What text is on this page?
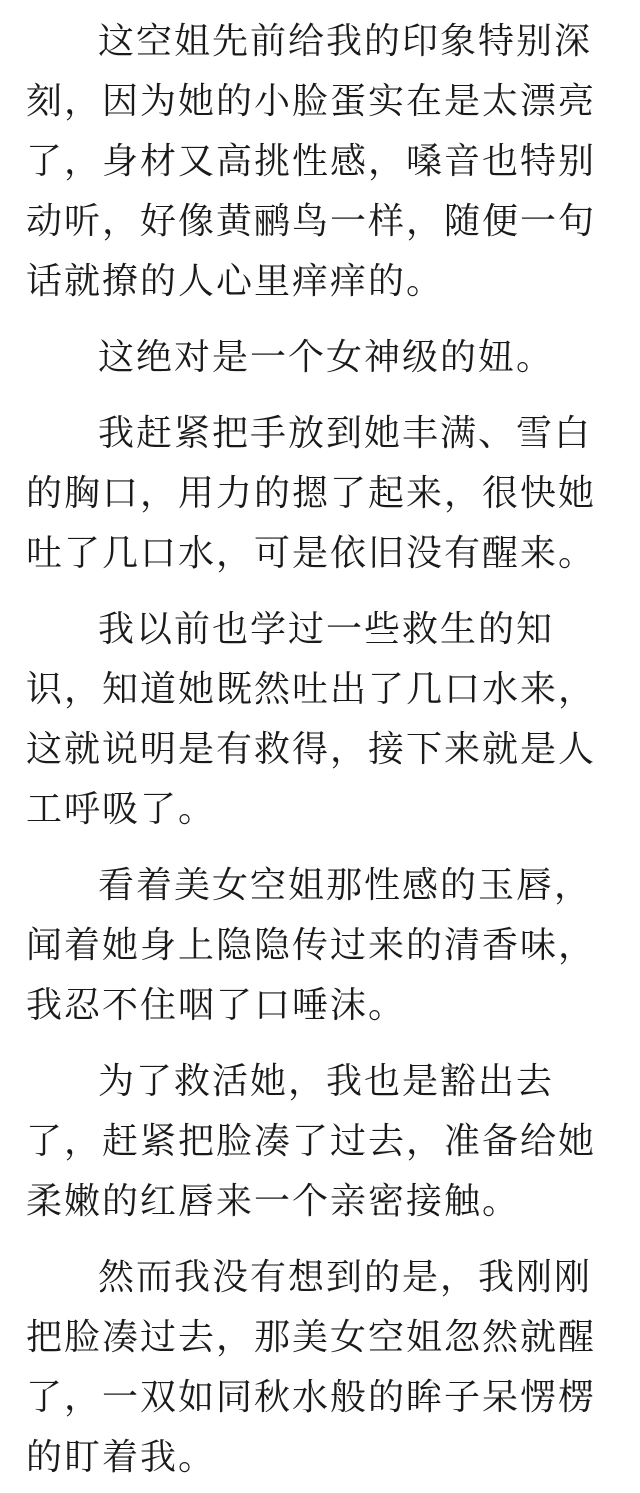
这空姐先前给我的印象特别深刻，因为她的小脸蛋实在是太漂亮了，身材又高挑性感，嗓音也特别动听，好像黄鹂鸟一样，随便一句话就撩的人心里痒痒的。

这绝对是一个女神级的妞。

我赶紧把手放到她丰满、雪白的胸口，用力的摁了起来，很快她吐了几口水，可是依旧没有醒来。

我以前也学过一些救生的知识，知道她既然吐出了几口水来，这就说明是有救得，接下来就是人工呼吸了。

看着美女空姐那性感的玉唇，闻着她身上隐隐传过来的清香味，我忍不住咽了口唾沫。

为了救活她，我也是豁出去了，赶紧把脸凑了过去，准备给她柔嫩的红唇来一个亲密接触。

然而我没有想到的是，我刚刚把脸凑过去，那美女空姐忽然就醒了，一双如同秋水般的眸子呆愣楞的盯着我。
